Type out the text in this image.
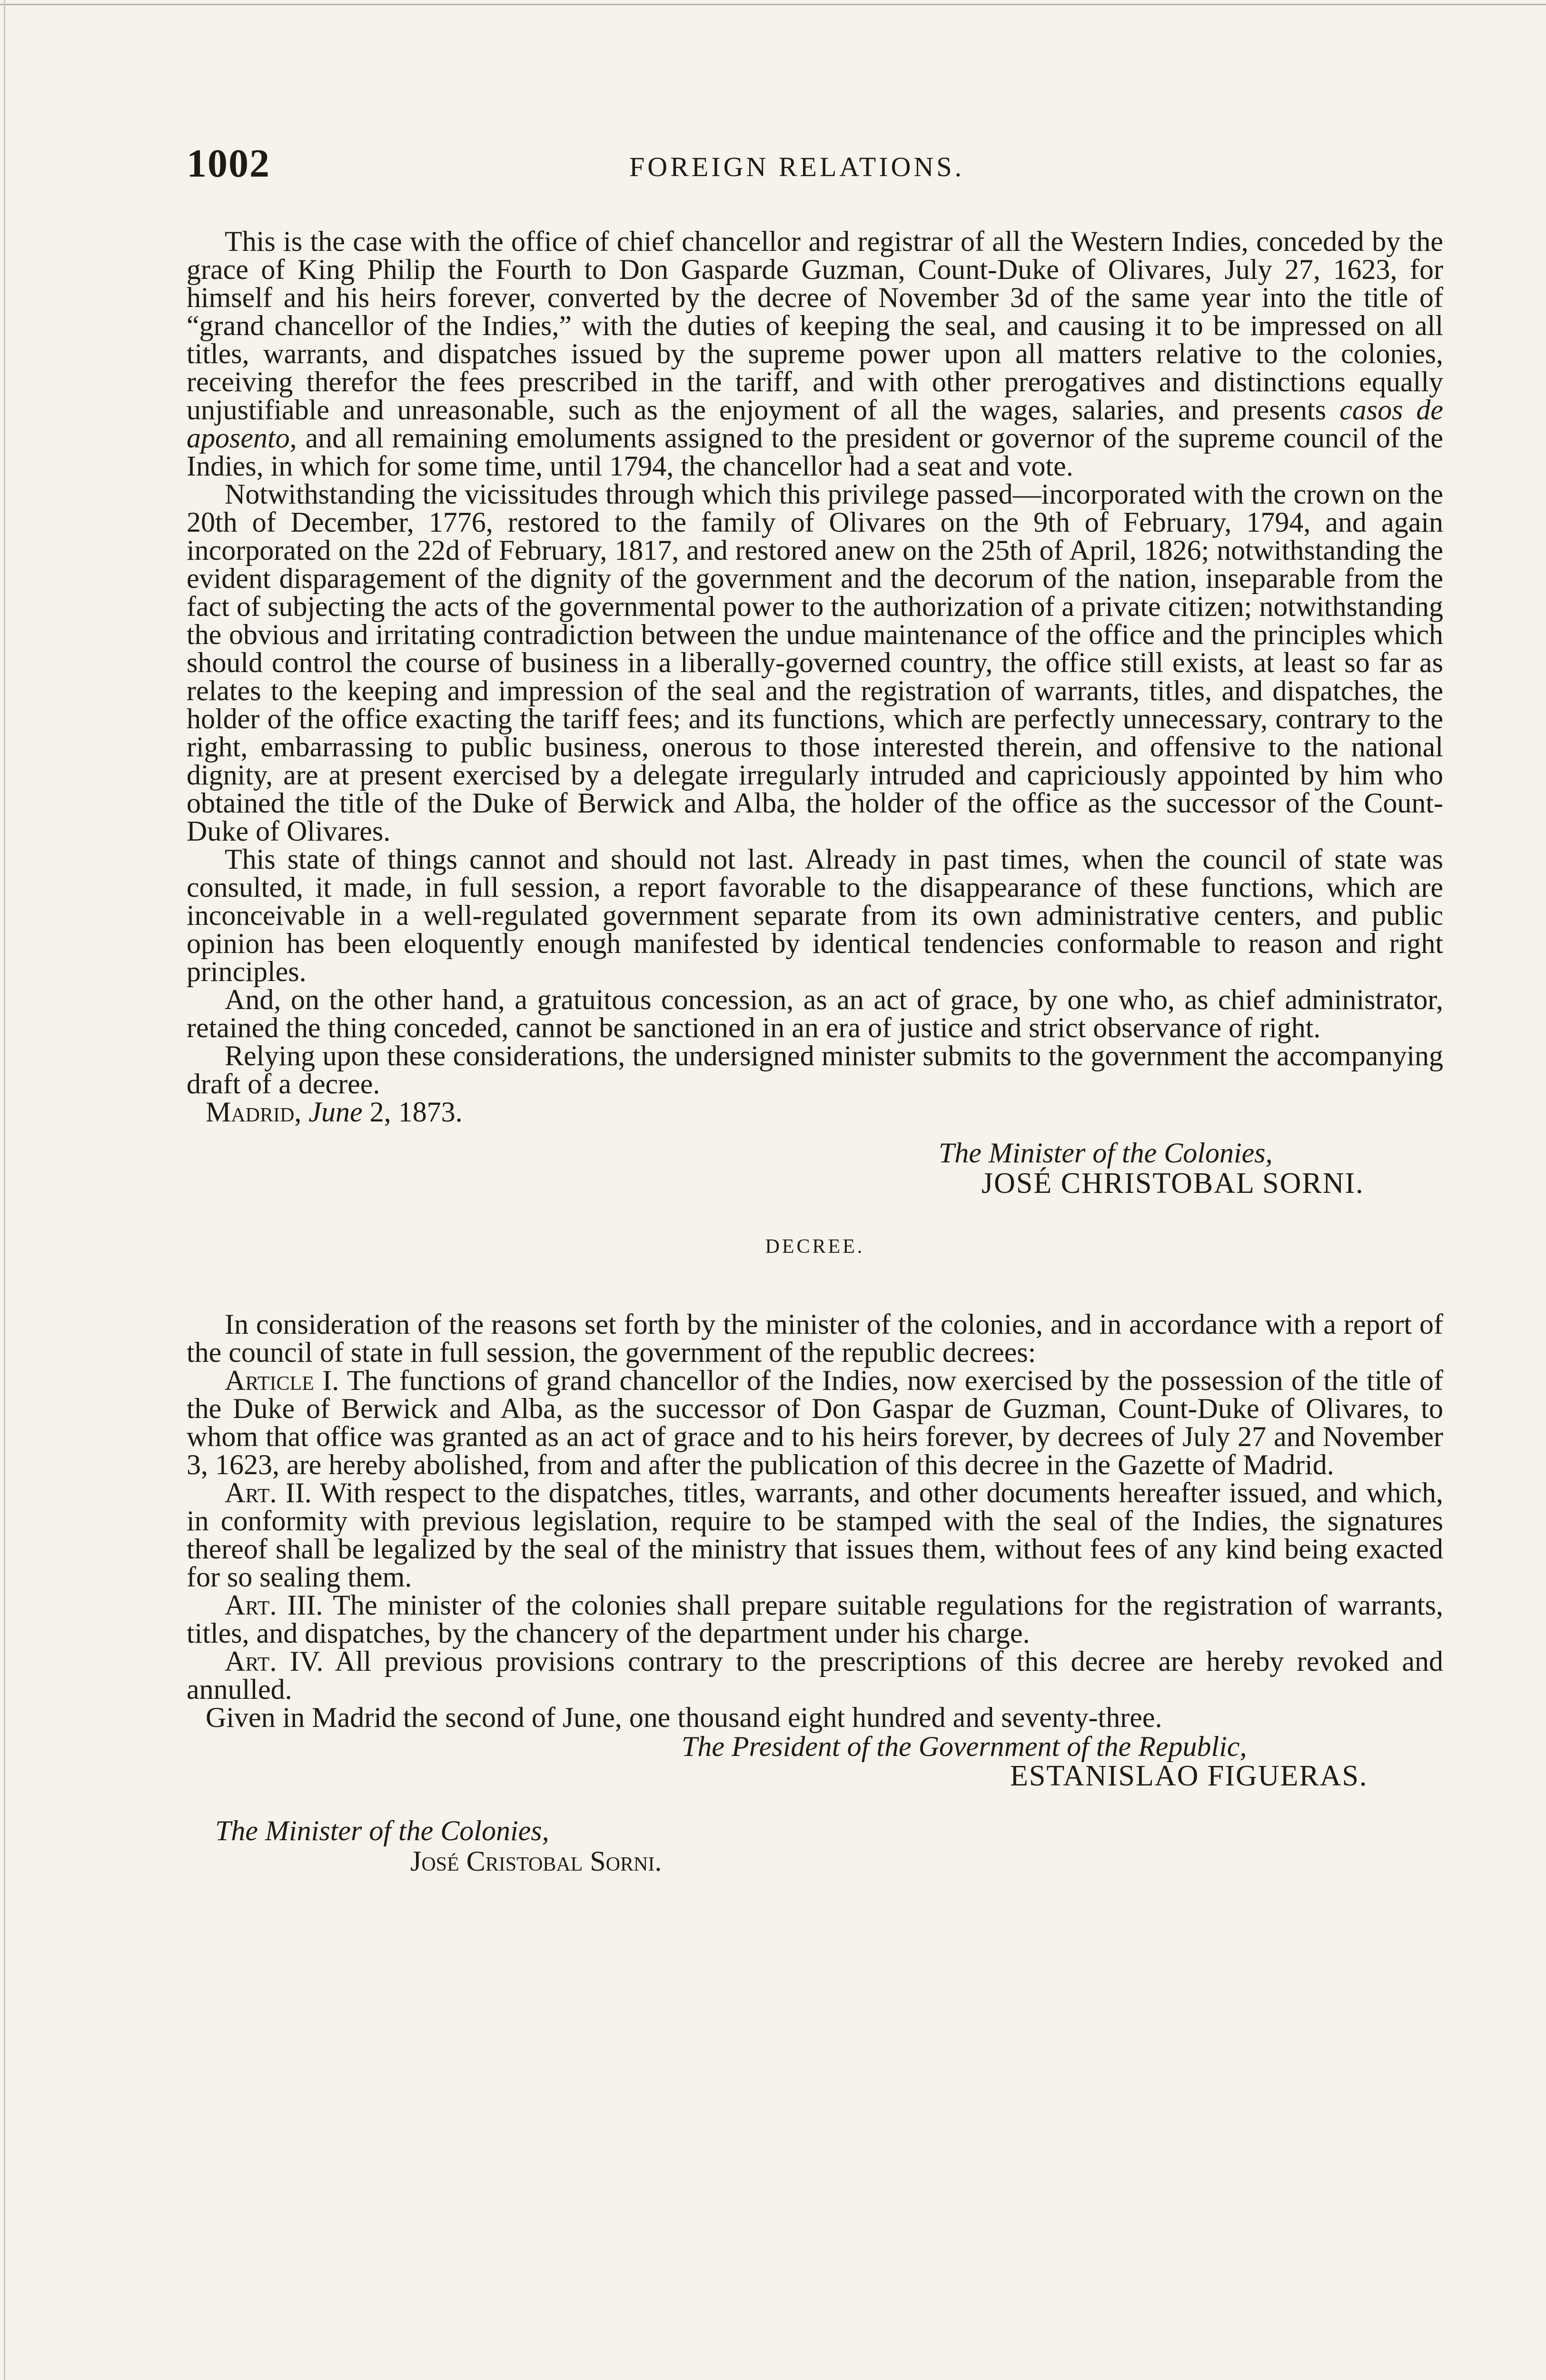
1002	FOREIGN RELATIONS.

This is the case with the office of chief chancellor and registrar of all the Western Indies, conceded by the grace of King Philip the Fourth to Don Gasparde Guzman, Count-Duke of Olivares, July 27, 1623, for himself and his heirs forever, converted by the decree of November 3d of the same year into the title of “grand chancellor of the Indies,” with the duties of keeping the seal, and causing it to be impressed on all titles, warrants, and dispatches issued by the supreme power upon all matters relative to the colonies, receiving therefor the fees prescribed in the tariff, and with other prerogatives and distinctions equally unjustifiable and unreasonable, such as the enjoyment of all the wages, salaries, and presents casos de aposento, and all remaining emoluments assigned to the president or governor of the supreme council of the Indies, in which for some time, until 1794, the chancellor had a seat and vote.

Notwithstanding the vicissitudes through which this privilege passed—incorporated with the crown on the 20th of December, 1776, restored to the family of Olivares on the 9th of February, 1794, and again incorporated on the 22d of February, 1817, and restored anew on the 25th of April, 1826; notwithstanding the evident disparagement of the dignity of the government and the decorum of the nation, inseparable from the fact of subjecting the acts of the governmental power to the authorization of a private citizen; notwithstanding the obvious and irritating contradiction between the undue maintenance of the office and the principles which should control the course of business in a liberally-governed country, the office still exists, at least so far as relates to the keeping and impression of the seal and the registration of warrants, titles, and dispatches, the holder of the office exacting the tariff fees; and its functions, which are perfectly unnecessary, contrary to the right, embarrassing to public business, onerous to those interested therein, and offensive to the national dignity, are at present exercised by a delegate irregularly intruded and capriciously appointed by him who obtained the title of the Duke of Berwick and Alba, the holder of the office as the successor of the Count-Duke of Olivares.

This state of things cannot and should not last. Already in past times, when the council of state was consulted, it made, in full session, a report favorable to the disappearance of these functions, which are inconceivable in a well-regulated government separate from its own administrative centers, and public opinion has been eloquently enough manifested by identical tendencies conformable to reason and right principles.

And, on the other hand, a gratuitous concession, as an act of grace, by one who, as chief administrator, retained the thing conceded, cannot be sanctioned in an era of justice and strict observance of right.

Relying upon these considerations, the undersigned minister submits to the government the accompanying draft of a decree.

Madrid, June 2, 1873.
The Minister of the Colonies,
JOSÉ CHRISTOBAL SORNI.
DECREE.

In consideration of the reasons set forth by the minister of the colonies, and in accordance with a report of the council of state in full session, the government of the republic decrees:

Article I. The functions of grand chancellor of the Indies, now exercised by the possession of the title of the Duke of Berwick and Alba, as the successor of Don Gaspar de Guzman, Count-Duke of Olivares, to whom that office was granted as an act of grace and to his heirs forever, by decrees of July 27 and November 3, 1623, are hereby abolished, from and after the publication of this decree in the Gazette of Madrid.

Art. II. With respect to the dispatches, titles, warrants, and other documents hereafter issued, and which, in conformity with previous legislation, require to be stamped with the seal of the Indies, the signatures thereof shall be legalized by the seal of the ministry that issues them, without fees of any kind being exacted for so sealing them.

Art. III. The minister of the colonies shall prepare suitable regulations for the registration of warrants, titles, and dispatches, by the chancery of the department under his charge.

Art. IV. All previous provisions contrary to the prescriptions of this decree are hereby revoked and annulled.

Given in Madrid the second of June, one thousand eight hundred and seventy-three.
The President of the Government of the Republic,
ESTANISLAO FIGUERAS.
The Minister of the Colonies,
José Cristobal Sorni.
